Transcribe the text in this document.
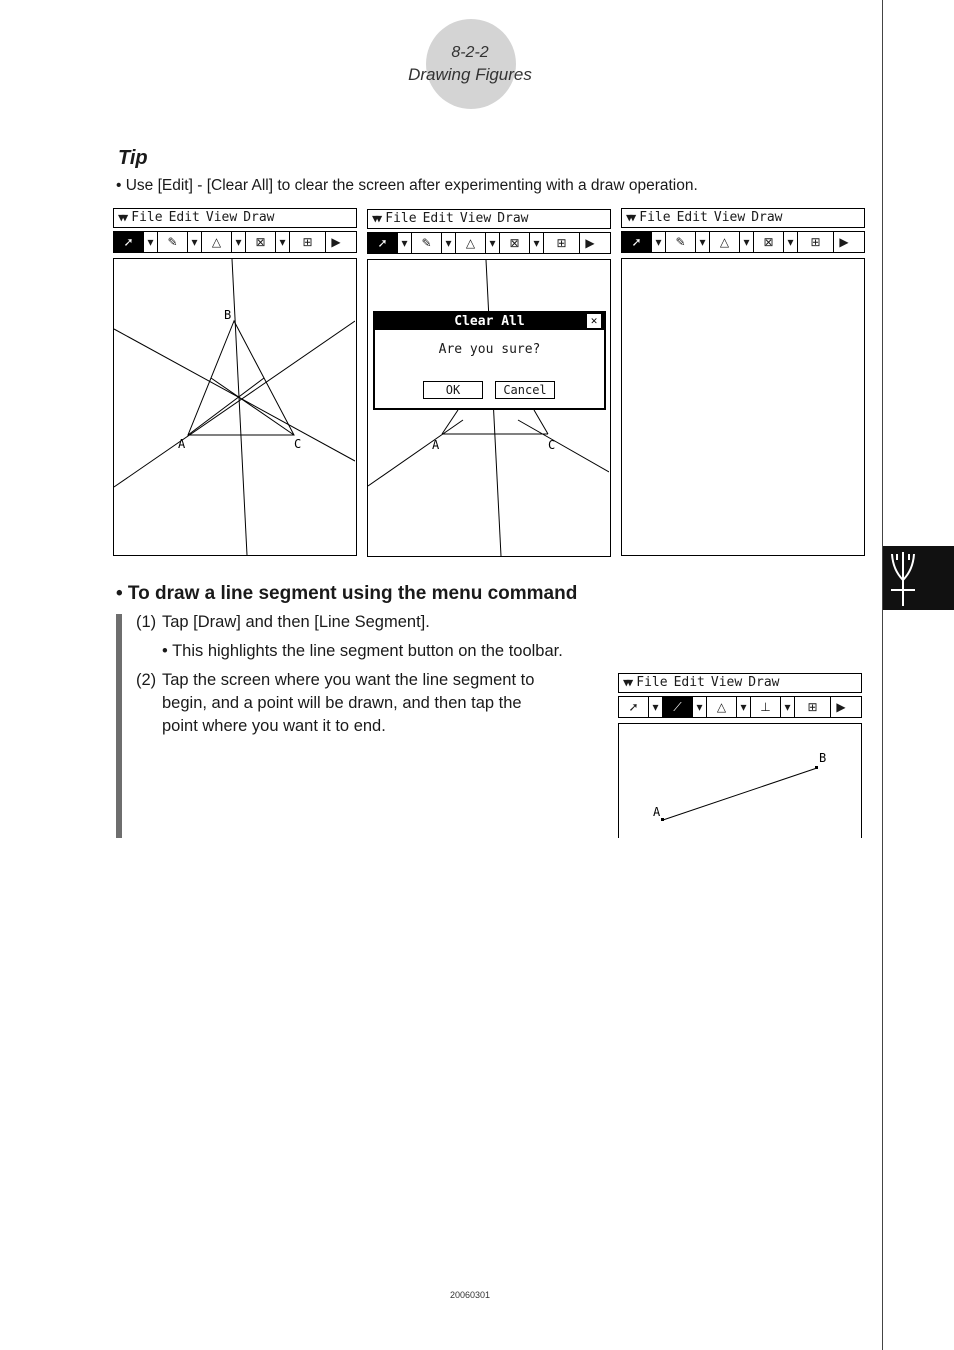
8-2-2
Drawing Figures
Tip
• Use [Edit] - [Clear All] to clear the screen after experimenting with a draw operation.
▼▼ File Edit View Draw
➚	▾	✎	▾	△	▾	⊠	▾	⊞	▶
B
A	C
▼▼ File Edit View Draw
➚	▾	✎	▾	△	▾	⊠	▾	⊞	▶
A	C
Clear All	✕
Are you sure?
OK	Cancel
▼▼ File Edit View Draw
➚	▾	✎	▾	△	▾	⊠	▾	⊞	▶
• To draw a line segment using the menu command
(1) Tap [Draw] and then [Line Segment].
• This highlights the line segment button on the toolbar.
(2) Tap the screen where you want the line segment to
begin, and a point will be drawn, and then tap the
point where you want it to end.
▼▼ File Edit View Draw
➚	▾	⟋	▾	△	▾	⊥	▾	⊞	▶
A
B
20060301
